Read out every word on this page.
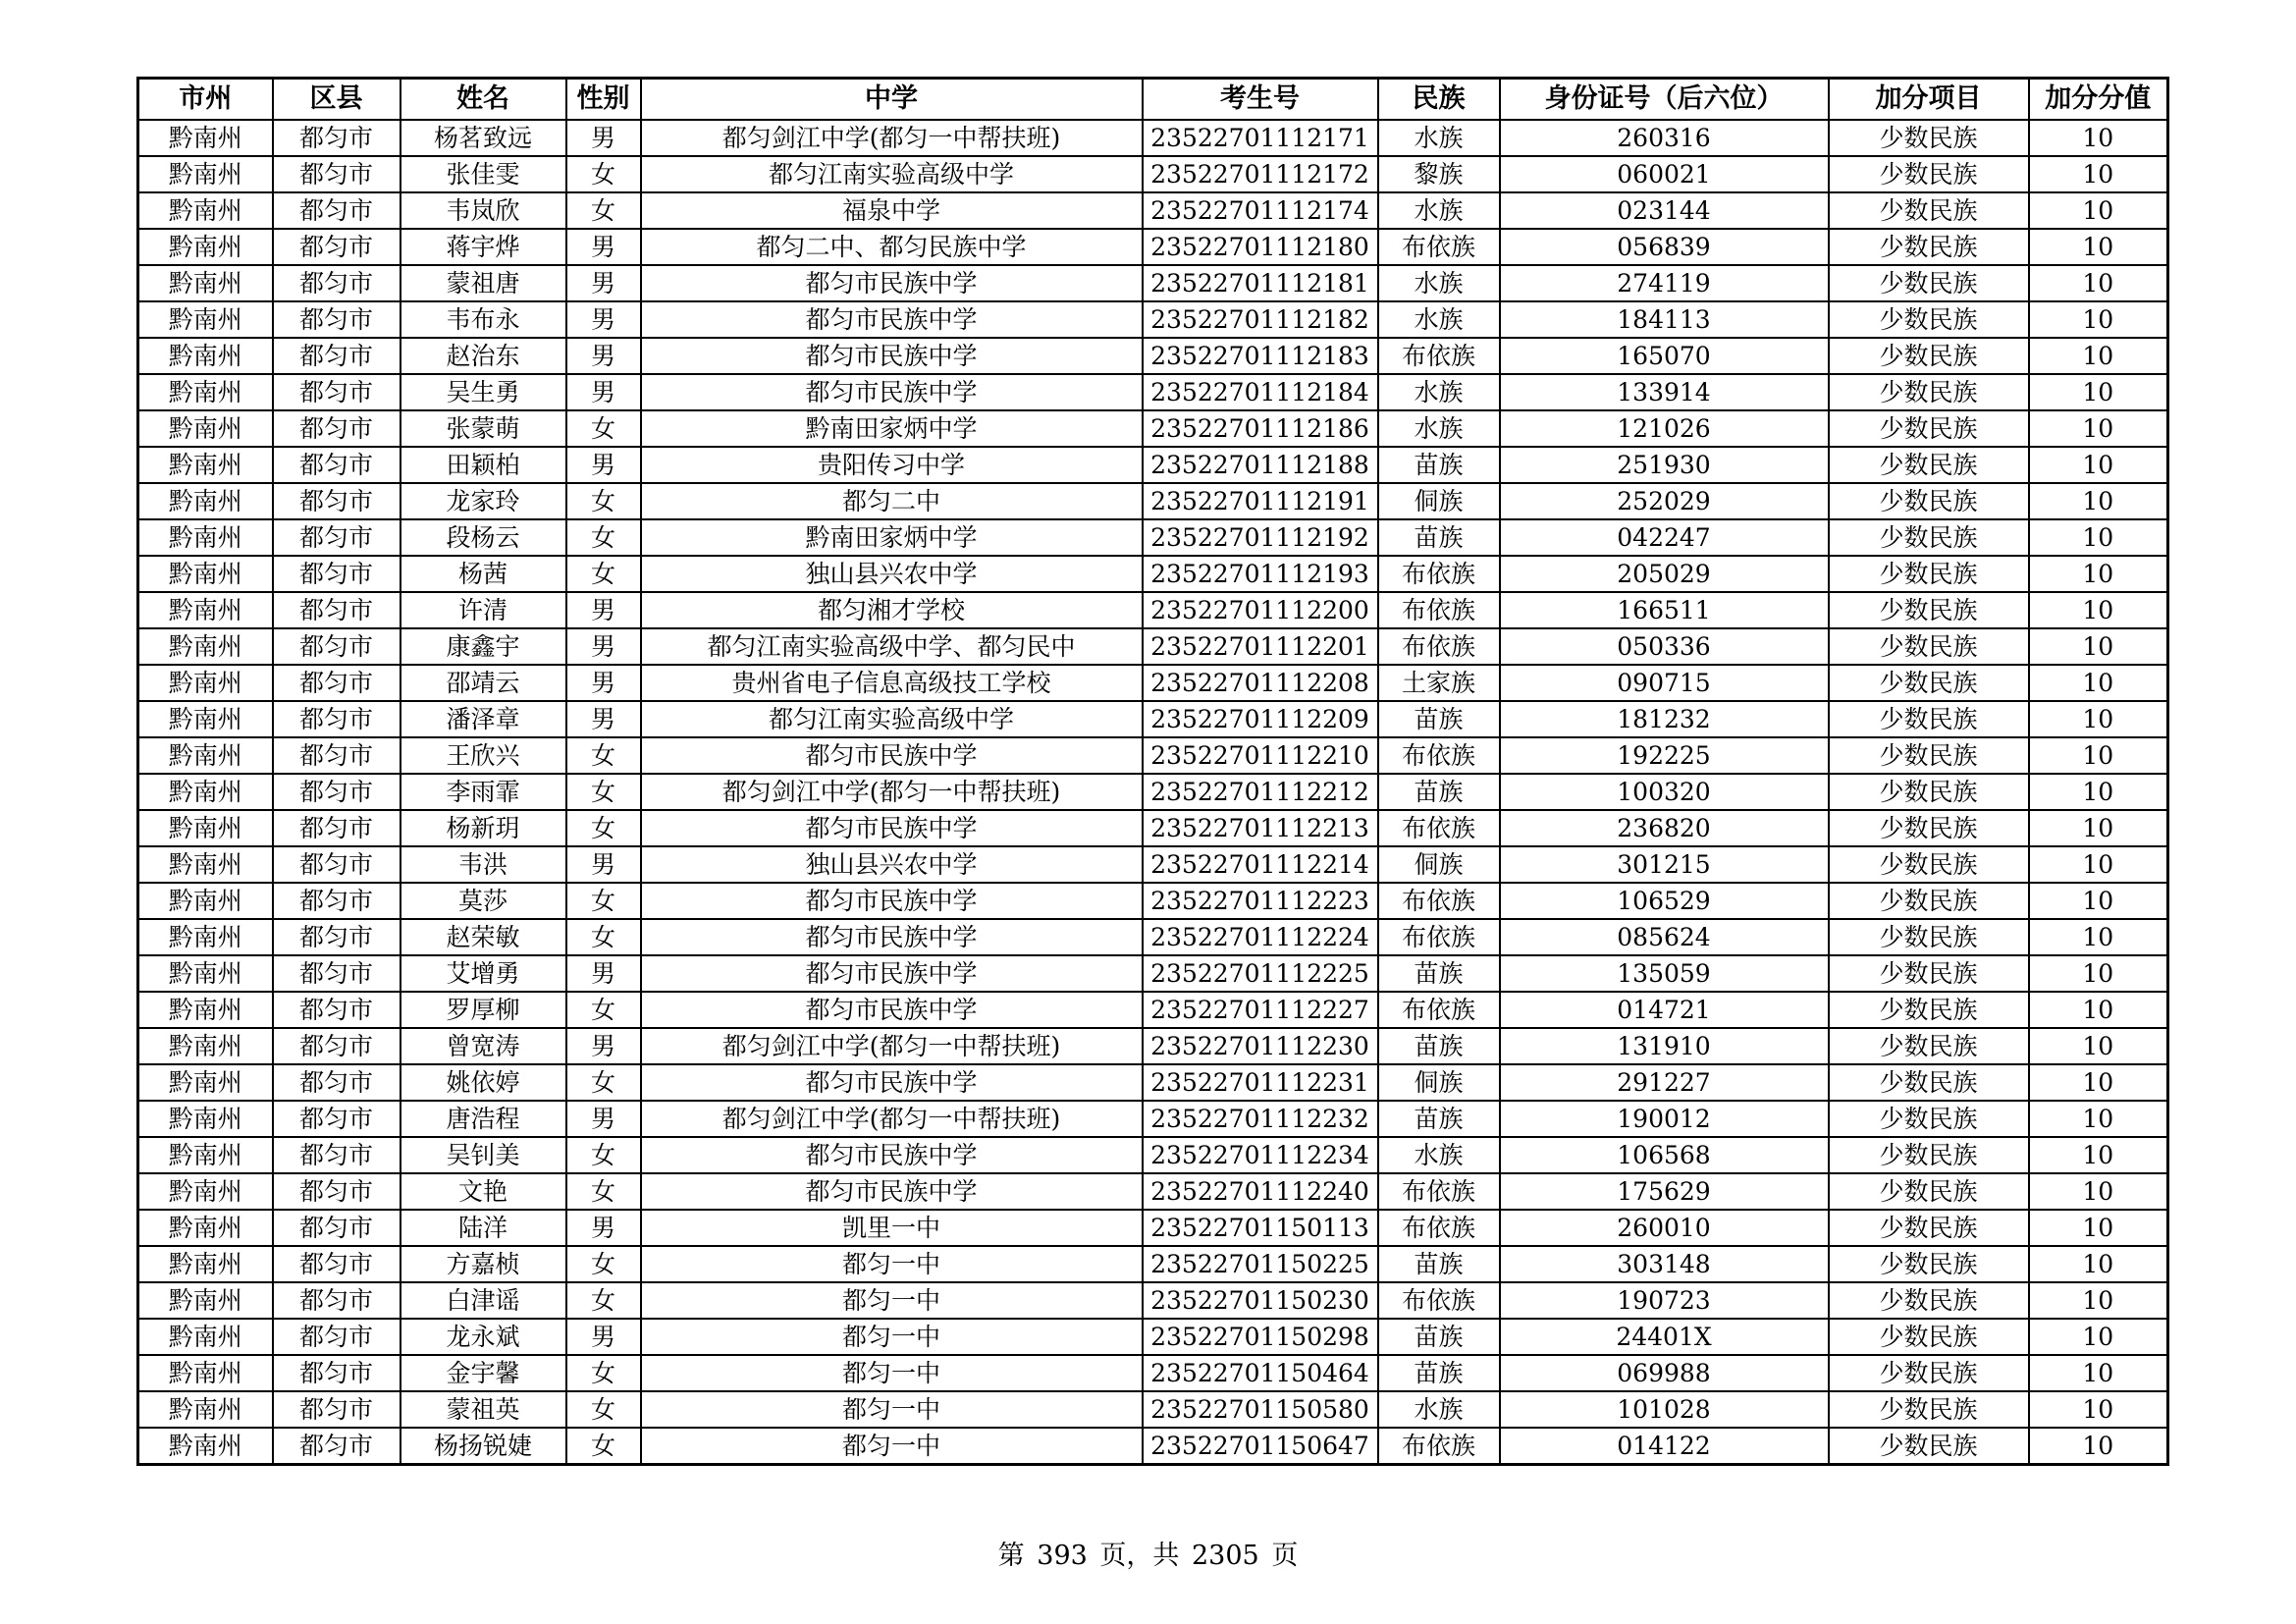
市州	区县	姓名	性别	中学	考生号	民族	身份证号（后六位）	加分项目	加分分值
黔南州	都匀市	杨茗致远	男	都匀剑江中学(都匀一中帮扶班)	23522701112171	水族	260316	少数民族	10
黔南州	都匀市	张佳雯	女	都匀江南实验高级中学	23522701112172	黎族	060021	少数民族	10
黔南州	都匀市	韦岚欣	女	福泉中学	23522701112174	水族	023144	少数民族	10
黔南州	都匀市	蒋宇烨	男	都匀二中、都匀民族中学	23522701112180	布依族	056839	少数民族	10
黔南州	都匀市	蒙祖唐	男	都匀市民族中学	23522701112181	水族	274119	少数民族	10
黔南州	都匀市	韦布永	男	都匀市民族中学	23522701112182	水族	184113	少数民族	10
黔南州	都匀市	赵治东	男	都匀市民族中学	23522701112183	布依族	165070	少数民族	10
黔南州	都匀市	吴生勇	男	都匀市民族中学	23522701112184	水族	133914	少数民族	10
黔南州	都匀市	张蒙萌	女	黔南田家炳中学	23522701112186	水族	121026	少数民族	10
黔南州	都匀市	田颖柏	男	贵阳传习中学	23522701112188	苗族	251930	少数民族	10
黔南州	都匀市	龙家玲	女	都匀二中	23522701112191	侗族	252029	少数民族	10
黔南州	都匀市	段杨云	女	黔南田家炳中学	23522701112192	苗族	042247	少数民族	10
黔南州	都匀市	杨茜	女	独山县兴农中学	23522701112193	布依族	205029	少数民族	10
黔南州	都匀市	许清	男	都匀湘才学校	23522701112200	布依族	166511	少数民族	10
黔南州	都匀市	康鑫宇	男	都匀江南实验高级中学、都匀民中	23522701112201	布依族	050336	少数民族	10
黔南州	都匀市	邵靖云	男	贵州省电子信息高级技工学校	23522701112208	土家族	090715	少数民族	10
黔南州	都匀市	潘泽章	男	都匀江南实验高级中学	23522701112209	苗族	181232	少数民族	10
黔南州	都匀市	王欣兴	女	都匀市民族中学	23522701112210	布依族	192225	少数民族	10
黔南州	都匀市	李雨霏	女	都匀剑江中学(都匀一中帮扶班)	23522701112212	苗族	100320	少数民族	10
黔南州	都匀市	杨新玥	女	都匀市民族中学	23522701112213	布依族	236820	少数民族	10
黔南州	都匀市	韦洪	男	独山县兴农中学	23522701112214	侗族	301215	少数民族	10
黔南州	都匀市	莫莎	女	都匀市民族中学	23522701112223	布依族	106529	少数民族	10
黔南州	都匀市	赵荣敏	女	都匀市民族中学	23522701112224	布依族	085624	少数民族	10
黔南州	都匀市	艾增勇	男	都匀市民族中学	23522701112225	苗族	135059	少数民族	10
黔南州	都匀市	罗厚柳	女	都匀市民族中学	23522701112227	布依族	014721	少数民族	10
黔南州	都匀市	曾宽涛	男	都匀剑江中学(都匀一中帮扶班)	23522701112230	苗族	131910	少数民族	10
黔南州	都匀市	姚依婷	女	都匀市民族中学	23522701112231	侗族	291227	少数民族	10
黔南州	都匀市	唐浩程	男	都匀剑江中学(都匀一中帮扶班)	23522701112232	苗族	190012	少数民族	10
黔南州	都匀市	吴钊美	女	都匀市民族中学	23522701112234	水族	106568	少数民族	10
黔南州	都匀市	文艳	女	都匀市民族中学	23522701112240	布依族	175629	少数民族	10
黔南州	都匀市	陆洋	男	凯里一中	23522701150113	布依族	260010	少数民族	10
黔南州	都匀市	方嘉桢	女	都匀一中	23522701150225	苗族	303148	少数民族	10
黔南州	都匀市	白津谣	女	都匀一中	23522701150230	布依族	190723	少数民族	10
黔南州	都匀市	龙永斌	男	都匀一中	23522701150298	苗族	24401X	少数民族	10
黔南州	都匀市	金宇馨	女	都匀一中	23522701150464	苗族	069988	少数民族	10
黔南州	都匀市	蒙祖英	女	都匀一中	23522701150580	水族	101028	少数民族	10
黔南州	都匀市	杨扬锐婕	女	都匀一中	23522701150647	布依族	014122	少数民族	10
第 393 页，共 2305 页
